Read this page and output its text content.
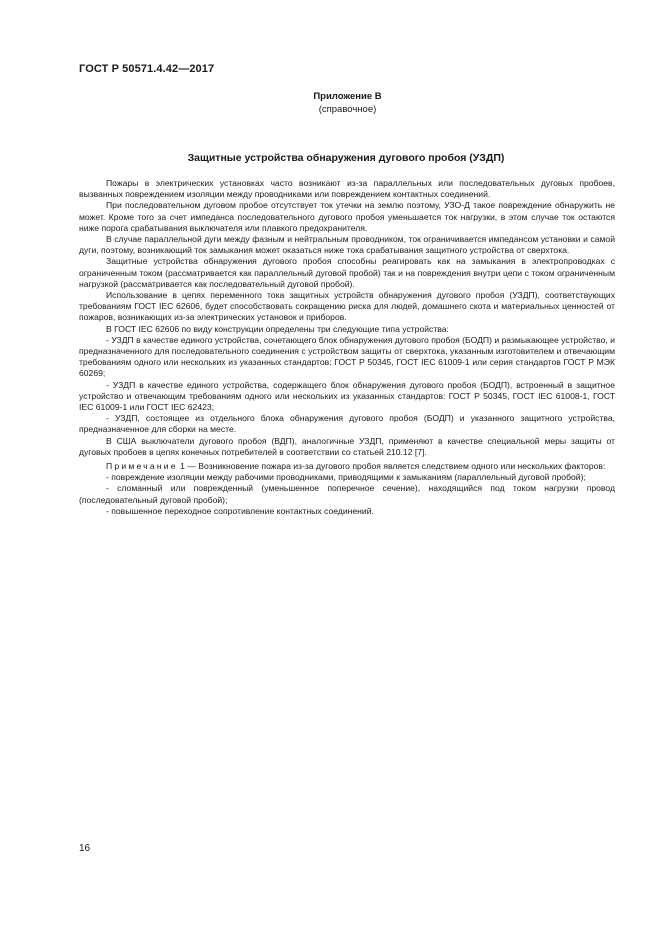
ГОСТ Р 50571.4.42—2017
Приложение В
(справочное)
Защитные устройства обнаружения дугового пробоя (УЗДП)

Пожары в электрических установках часто возникают из-за параллельных или последовательных дуговых пробоев, вызванных повреждением изоляции между проводниками или повреждением контактных соединений.

При последовательном дуговом пробое отсутствует ток утечки на землю поэтому, УЗО-Д такое повреждение обнаружить не может. Кроме того за счет импеданса последовательного дугового пробоя уменьшается ток нагрузки, в этом случае ток остаются ниже порога срабатывания выключателя или плавкого предохранителя.

В случае параллельной дуги между фазным и нейтральным проводником, ток ограничивается импедансом установки и самой дуги, поэтому, возникающий ток замыкания может оказаться ниже тока срабатывания защитного устройства от сверхтока.

Защитные устройства обнаружения дугового пробоя способны реагировать как на замыкания в электропроводках с ограниченным током (рассматривается как параллельный дуговой пробой) так и на повреждения внутри цепи с током ограниченным нагрузкой (рассматривается как последовательный дуговой пробой).

Использование в цепях переменного тока защитных устройств обнаружения дугового пробоя (УЗДП), соответствующих требованиям ГОСТ IEC 62606, будет способствовать сокращению риска для людей, домашнего скота и материальных ценностей от пожаров, возникающих из-за электрических установок и приборов.

В ГОСТ IEC 62606 по виду конструкции определены три следующие типа устройства:

- УЗДП в качестве единого устройства, сочетающего блок обнаружения дугового пробоя (БОДП) и размыкающее устройство, и предназначенного для последовательного соединения с устройством защиты от сверхтока, указанным изготовителем и отвечающим требованиям одного или нескольких из указанных стандартов: ГОСТ Р 50345, ГОСТ IEC 61009-1 или серия стандартов ГОСТ Р МЭК 60269;

- УЗДП в качестве единого устройства, содержащего блок обнаружения дугового пробоя (БОДП), встроенный в защитное устройство и отвечающим требованиям одного или нескольких из указанных стандартов: ГОСТ Р 50345, ГОСТ IEC 61008-1, ГОСТ IEC 61009-1 или ГОСТ IEC 62423;

- УЗДП, состоящее из отдельного блока обнаружения дугового пробоя (БОДП) и указанного защитного устройства, предназначенное для сборки на месте.

В США выключатели дугового пробоя (ВДП), аналогичные УЗДП, применяют в качестве специальной меры защиты от дуговых пробоев в цепях конечных потребителей в соответствии со статьей 210.12 [7].

Примечание 1 — Возникновение пожара из-за дугового пробоя является следствием одного или нескольких факторов:

- повреждение изоляции между рабочими проводниками, приводящими к замыканиям (параллельный дуговой пробой);

- сломанный или поврежденный (уменьшенное поперечное сечение), находящийся под током нагрузки провод (последовательный дуговой пробой);

- повышенное переходное сопротивление контактных соединений.

16
